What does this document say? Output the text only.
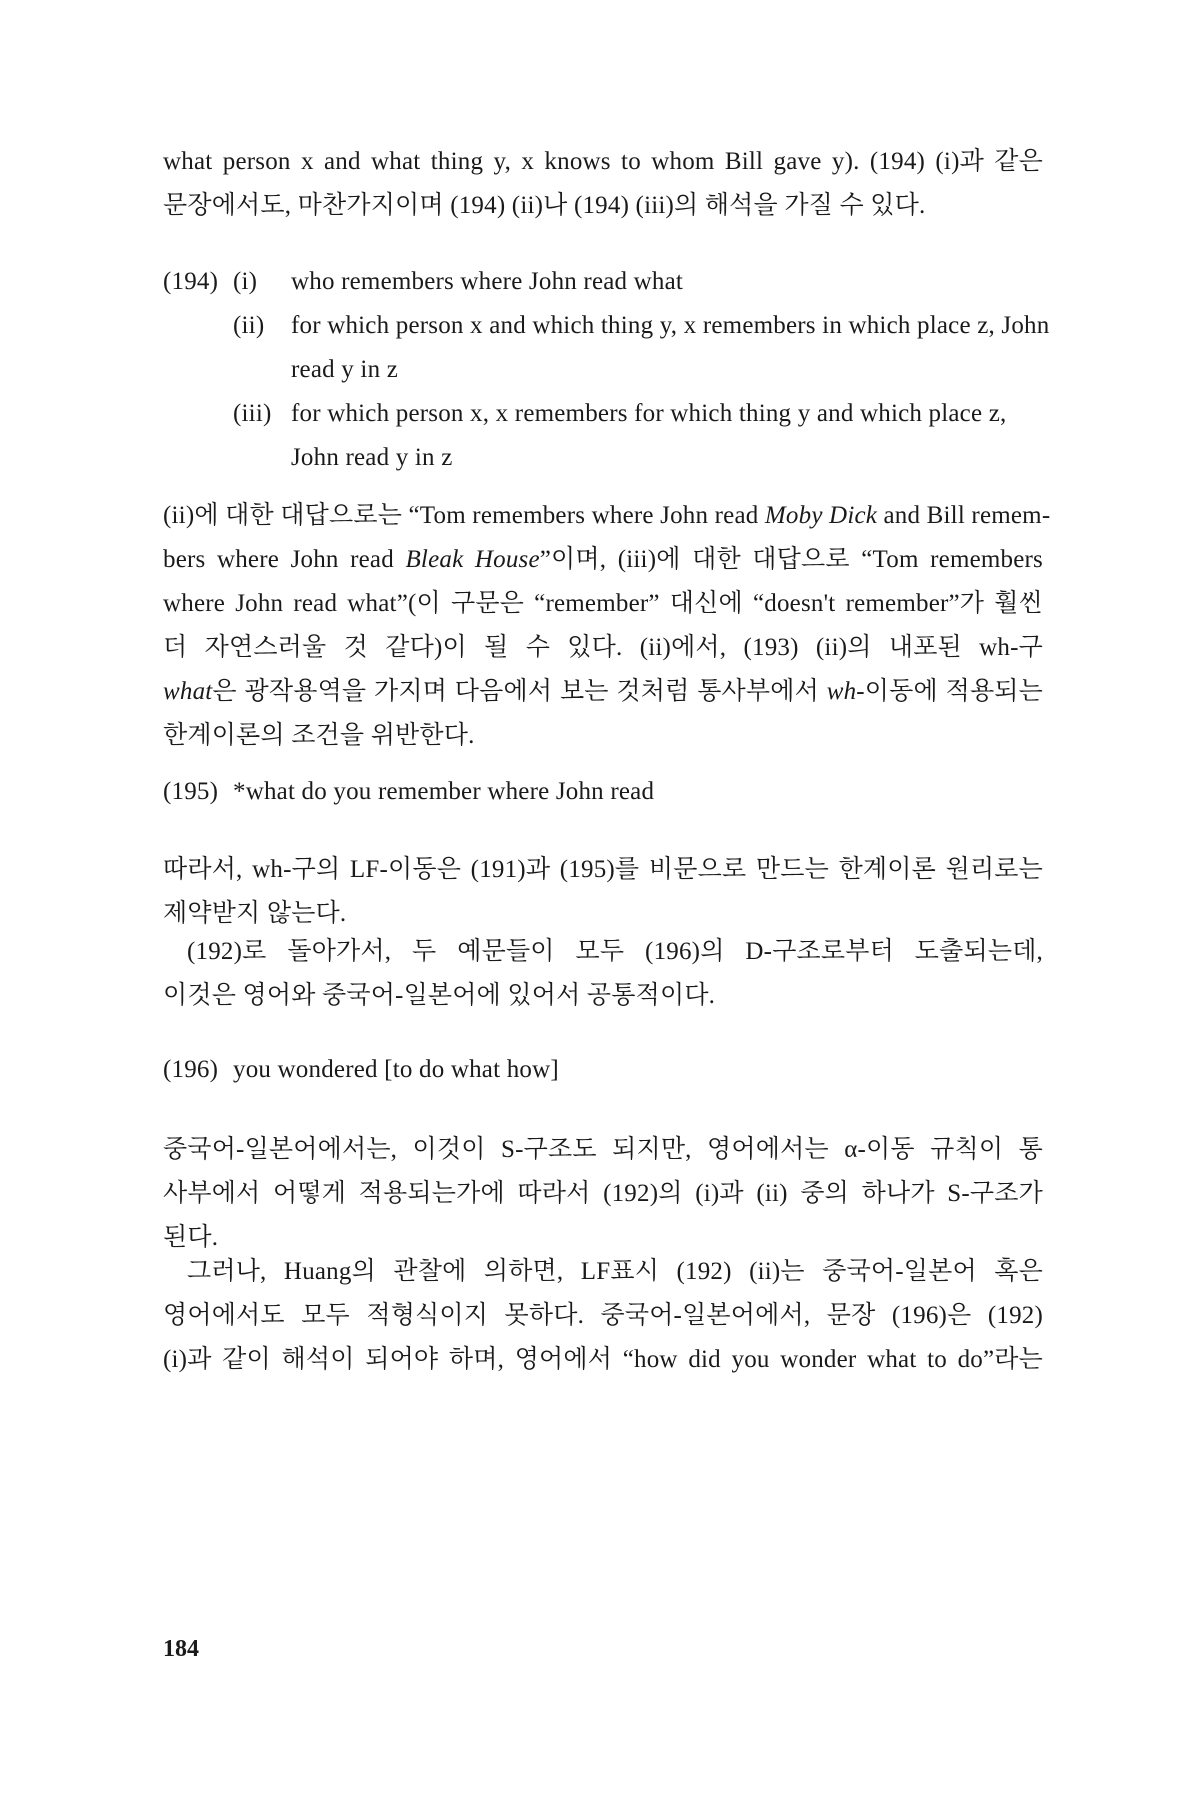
what person x and what thing y, x knows to whom Bill gave y). (194) (i)과 같은
문장에서도, 마찬가지이며 (194) (ii)나 (194) (iii)의 해석을 가질 수 있다.
(194) (i) who remembers where John read what
(ii) for which person x and which thing y, x remembers in which place z, John
read y in z
(iii) for which person x, x remembers for which thing y and which place z,
John read y in z
(ii)에 대한 대답으로는 “Tom remembers where John read Moby Dick and Bill remem-
bers where John read Bleak House”이며, (iii)에 대한 대답으로 “Tom remembers
where John read what”(이 구문은 “remember” 대신에 “doesn't remember”가 훨씬
더 자연스러울 것 같다)이 될 수 있다. (ii)에서, (193) (ii)의 내포된 wh-구
what은 광작용역을 가지며 다음에서 보는 것처럼 통사부에서 wh-이동에 적용되는
한계이론의 조건을 위반한다.
(195) *what do you remember where John read
따라서, wh-구의 LF-이동은 (191)과 (195)를 비문으로 만드는 한계이론 원리로는
제약받지 않는다.
(192)로 돌아가서, 두 예문들이 모두 (196)의 D-구조로부터 도출되는데,
이것은 영어와 중국어-일본어에 있어서 공통적이다.
(196) you wondered [to do what how]
중국어-일본어에서는, 이것이 S-구조도 되지만, 영어에서는 α-이동 규칙이 통
사부에서 어떻게 적용되는가에 따라서 (192)의 (i)과 (ii) 중의 하나가 S-구조가
된다.
그러나, Huang의 관찰에 의하면, LF표시 (192) (ii)는 중국어-일본어 혹은
영어에서도 모두 적형식이지 못하다. 중국어-일본어에서, 문장 (196)은 (192)
(i)과 같이 해석이 되어야 하며, 영어에서 “how did you wonder what to do”라는
184
